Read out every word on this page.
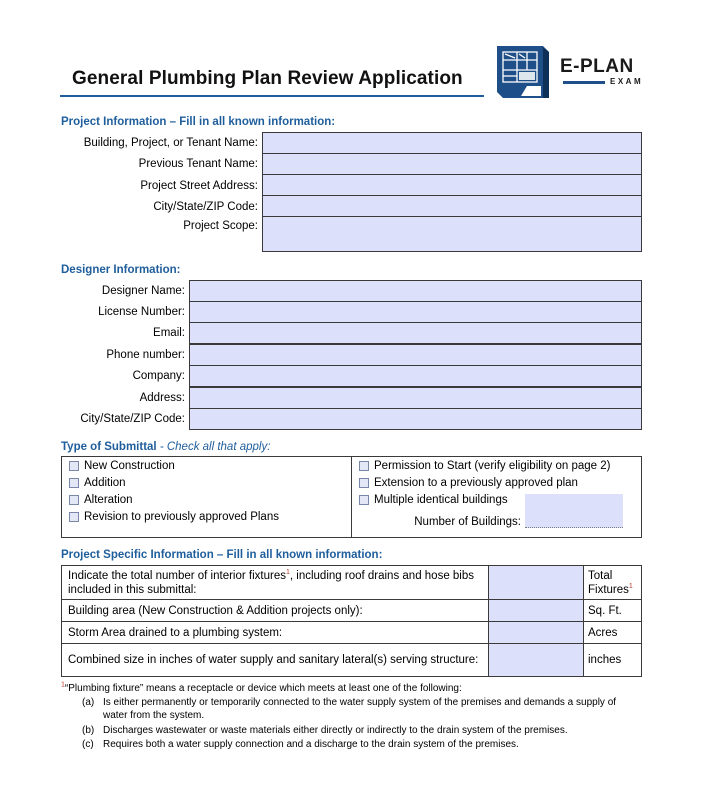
General Plumbing Plan Review Application
E-PLAN
EXAM
Project Information – Fill in all known information:
Building, Project, or Tenant Name:
Previous Tenant Name:
Project Street Address:
City/State/ZIP Code:
Project Scope:
Designer Information:
Designer Name:
License Number:
Email:
Phone number:
Company:
Address:
City/State/ZIP Code:
Type of Submittal - Check all that apply:
New Construction
Addition
Alteration
Revision to previously approved Plans
Permission to Start (verify eligibility on page 2)
Extension to a previously approved plan
Multiple identical buildings
Number of Buildings:
Project Specific Information – Fill in all known information:
Indicate the total number of interior fixtures$^1$, including roof drains and hose bibs included in this submittal:		Total Fixtures$^1$
Building area (New Construction & Addition projects only):		Sq. Ft.
Storm Area drained to a plumbing system:		Acres
Combined size in inches of water supply and sanitary lateral(s) serving structure:		inches
$^1$“Plumbing fixture” means a receptacle or device which meets at least one of the following:
(a) Is either permanently or temporarily connected to the water supply system of the premises and demands a supply of water from the system.
(b) Discharges wastewater or waste materials either directly or indirectly to the drain system of the premises.
(c) Requires both a water supply connection and a discharge to the drain system of the premises.
